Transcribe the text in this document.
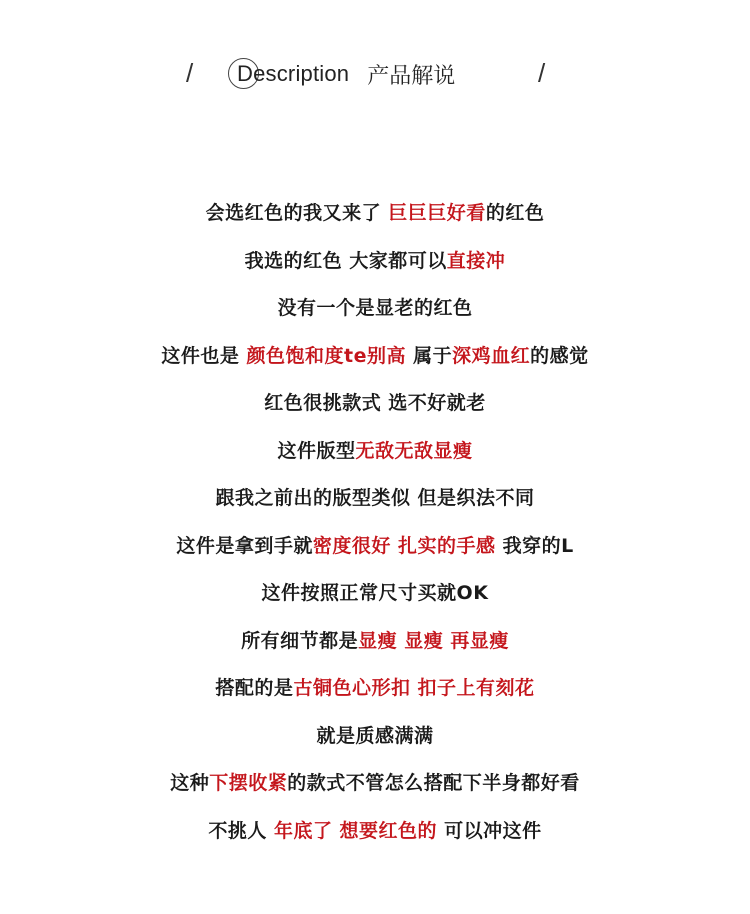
/ Description 产品解说	/
会选红色的我又来了 巨巨巨好看的红色
我选的红色 大家都可以直接冲
没有一个是显老的红色
这件也是 颜色饱和度te别高 属于深鸡血红的感觉
红色很挑款式 选不好就老
这件版型无敌无敌显瘦
跟我之前出的版型类似 但是织法不同
这件是拿到手就密度很好 扎实的手感 我穿的L
这件按照正常尺寸买就OK
所有细节都是显瘦 显瘦 再显瘦
搭配的是古铜色心形扣 扣子上有刻花
就是质感满满
这种下摆收紧的款式不管怎么搭配下半身都好看
不挑人 年底了 想要红色的 可以冲这件
